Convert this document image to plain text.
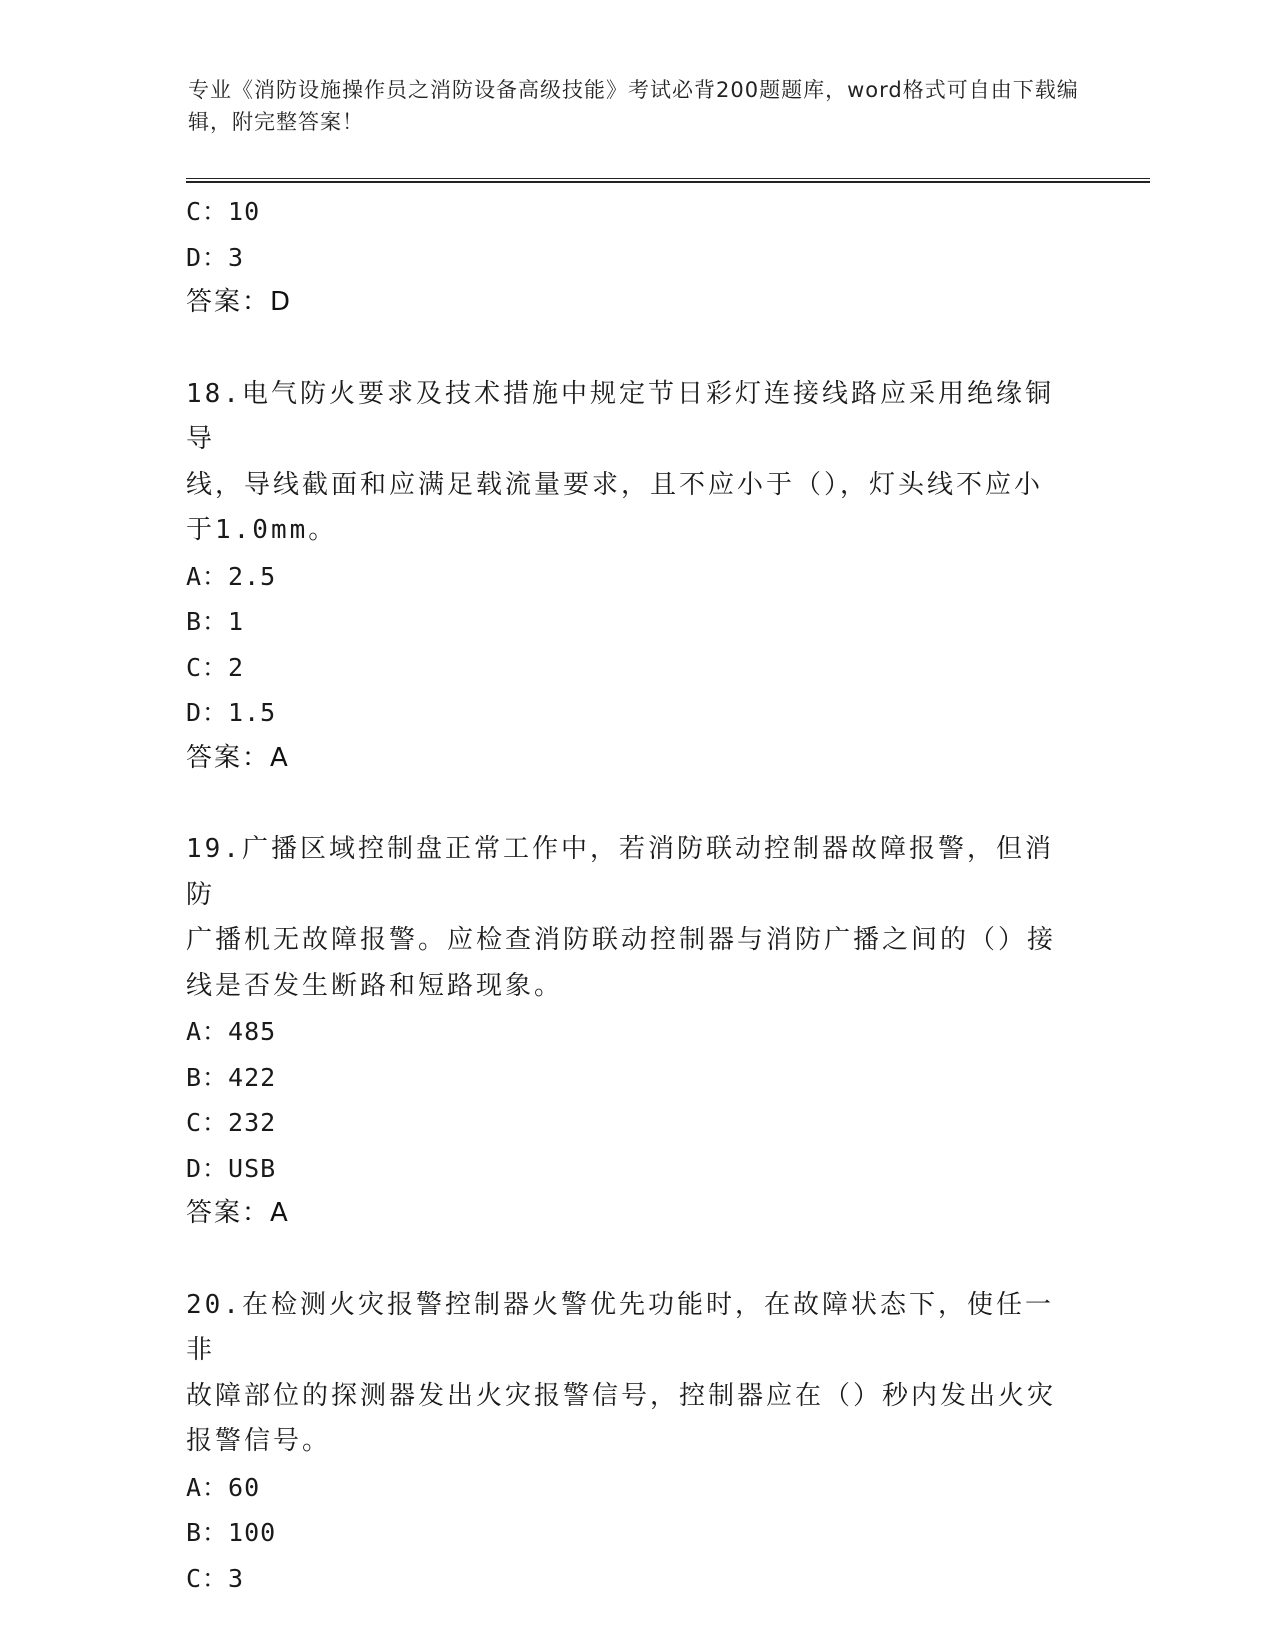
专业《消防设施操作员之消防设备高级技能》考试必背200题题库，word格式可自由下载编辑，附完整答案！
C：10
D：3
答案：D
18.电气防火要求及技术措施中规定节日彩灯连接线路应采用绝缘铜导
线，导线截面和应满足载流量要求，且不应小于（），灯头线不应小
于1.0mm。
A：2.5
B：1
C：2
D：1.5
答案：A
19.广播区域控制盘正常工作中，若消防联动控制器故障报警，但消防
广播机无故障报警。应检查消防联动控制器与消防广播之间的（）接
线是否发生断路和短路现象。
A：485
B：422
C：232
D：USB
答案：A
20.在检测火灾报警控制器火警优先功能时，在故障状态下，使任一非
故障部位的探测器发出火灾报警信号，控制器应在（）秒内发出火灾
报警信号。
A：60
B：100
C：3
